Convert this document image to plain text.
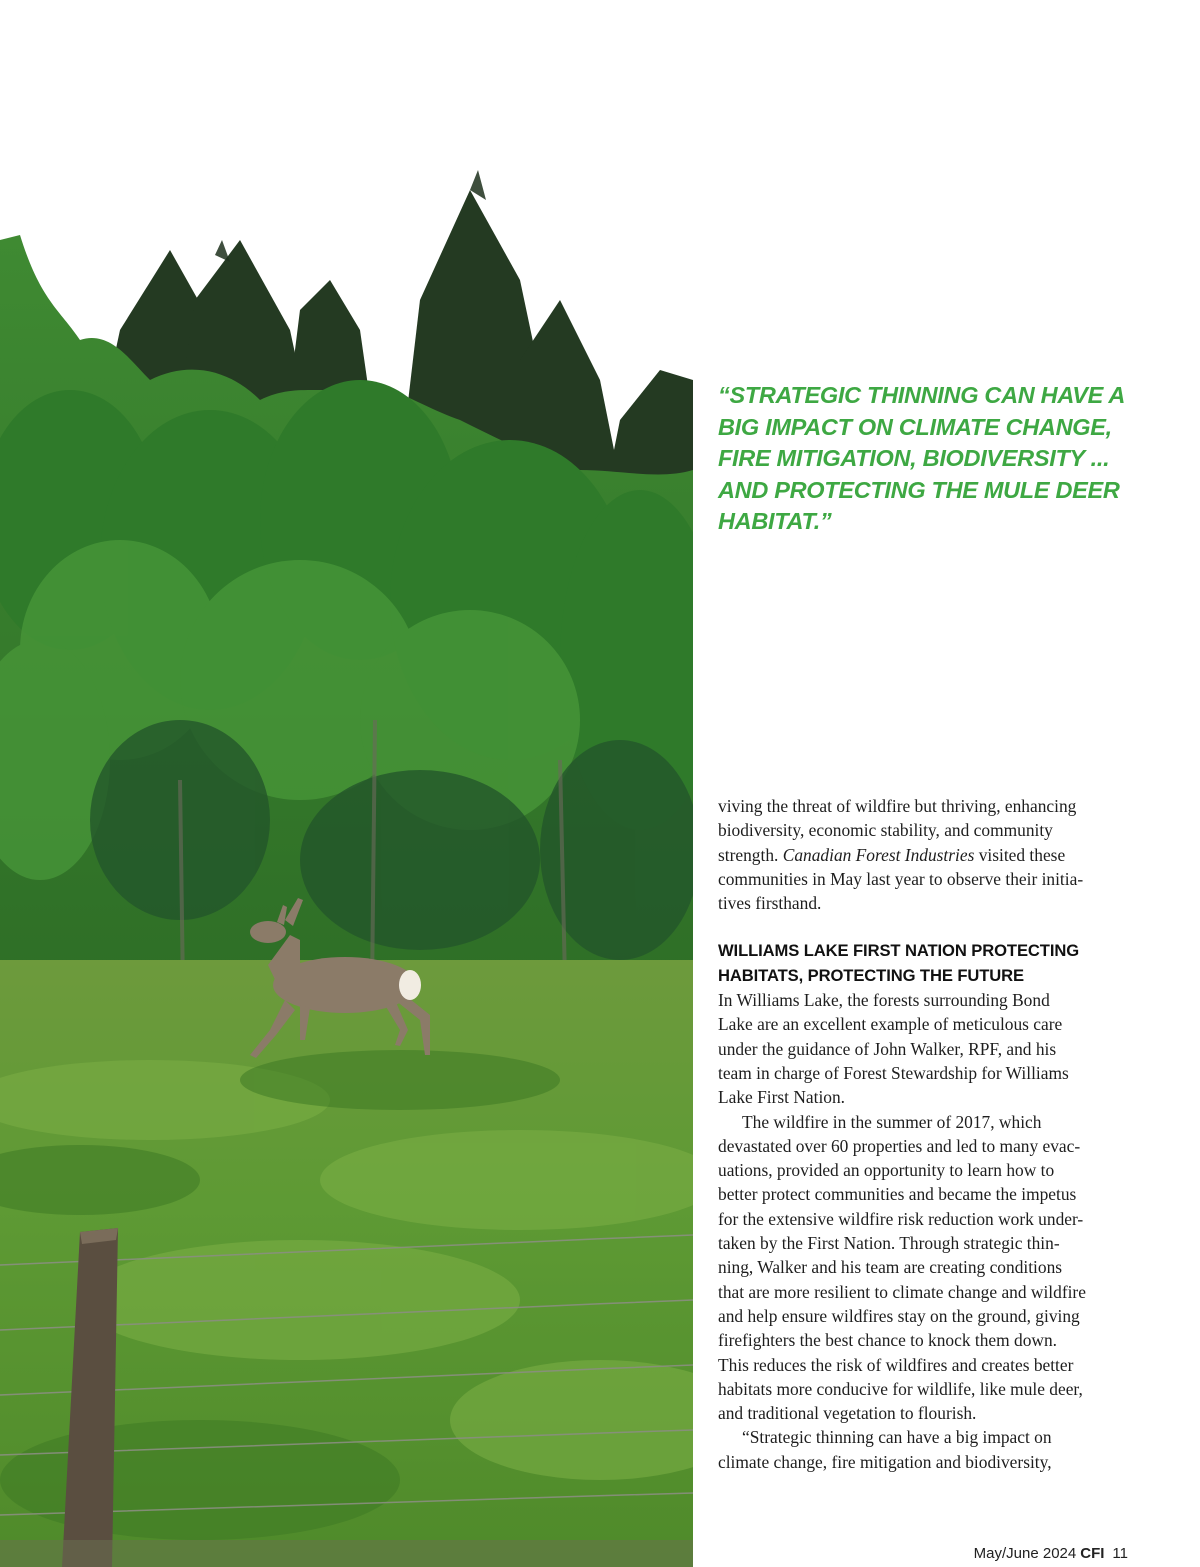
“STRATEGIC THINNING CAN HAVE A
BIG IMPACT ON CLIMATE CHANGE,
FIRE MITIGATION, BIODIVERSITY ...
AND PROTECTING THE MULE DEER
HABITAT.”
viving the threat of wildfire but thriving, enhancing
biodiversity, economic stability, and community
strength. Canadian Forest Industries visited these
communities in May last year to observe their initia-
tives firsthand.
WILLIAMS LAKE FIRST NATION PROTECTING
HABITATS, PROTECTING THE FUTURE
In Williams Lake, the forests surrounding Bond
Lake are an excellent example of meticulous care
under the guidance of John Walker, RPF, and his
team in charge of Forest Stewardship for Williams
Lake First Nation.
The wildfire in the summer of 2017, which
devastated over 60 properties and led to many evac-
uations, provided an opportunity to learn how to
better protect communities and became the impetus
for the extensive wildfire risk reduction work under-
taken by the First Nation. Through strategic thin-
ning, Walker and his team are creating conditions
that are more resilient to climate change and wildfire
and help ensure wildfires stay on the ground, giving
firefighters the best chance to knock them down.
This reduces the risk of wildfires and creates better
habitats more conducive for wildlife, like mule deer,
and traditional vegetation to flourish.
“Strategic thinning can have a big impact on
climate change, fire mitigation and biodiversity,
May/June 2024 CFI 11
